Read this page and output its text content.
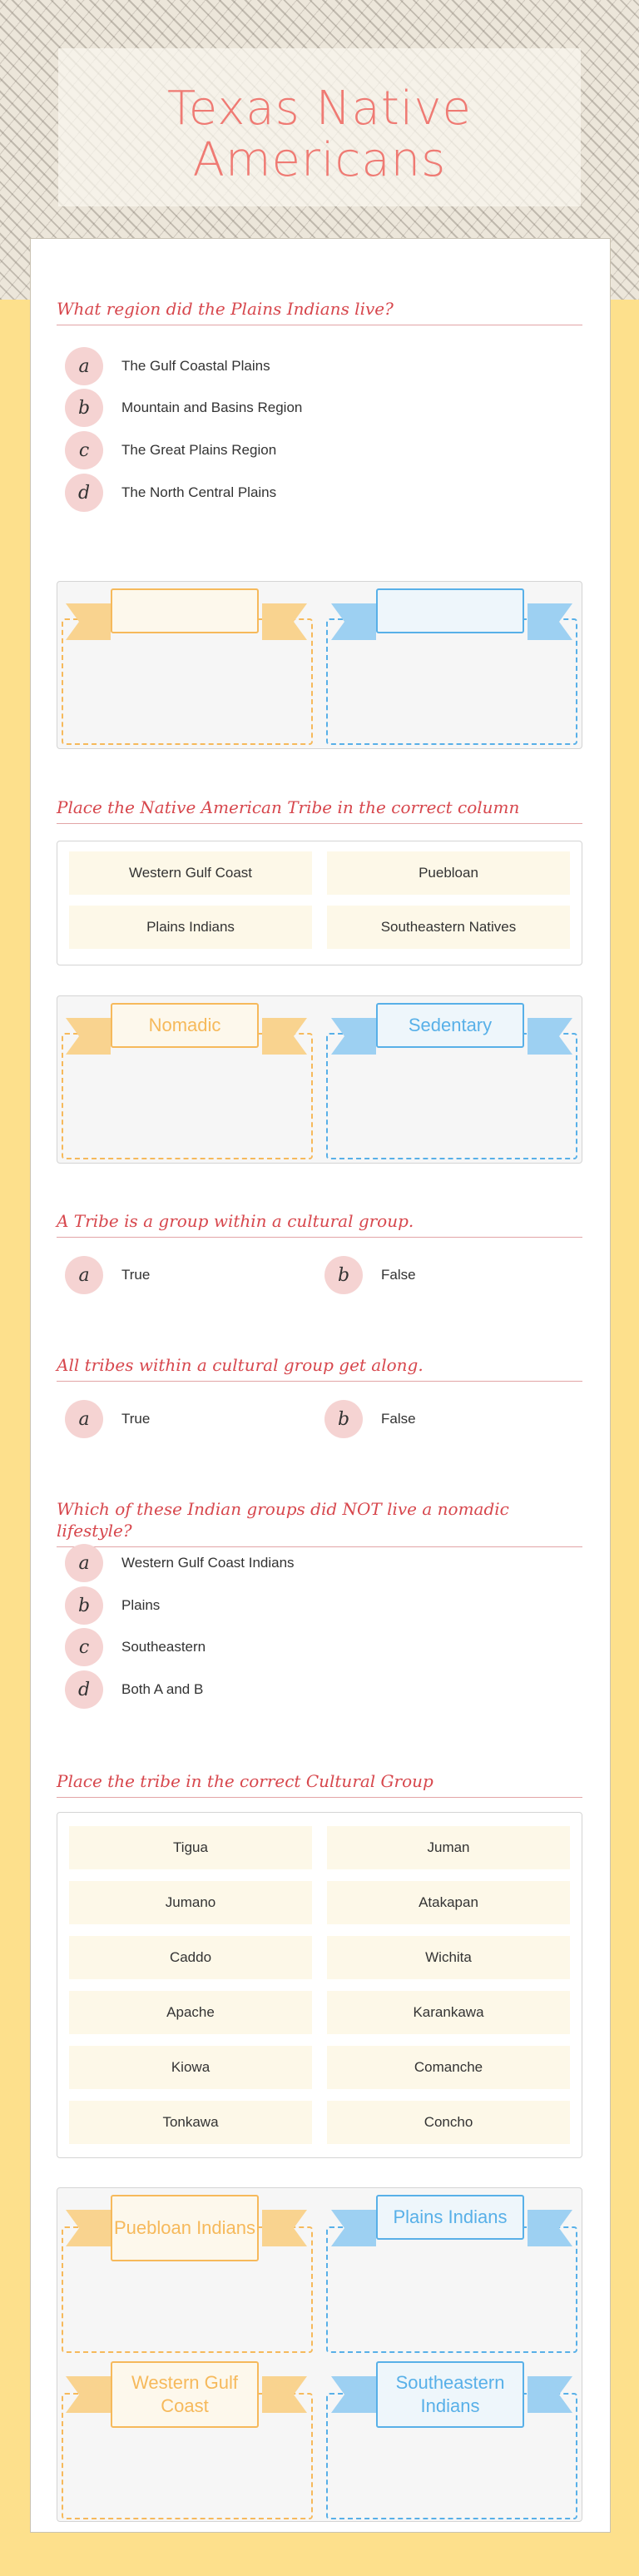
Texas Native Americans

What region did the Plains Indians live?

a	The Gulf Coastal Plains
b	Mountain and Basins Region
c	The Great Plains Region
d	The North Central Plains

Place the Native American Tribe in the correct column

Western Gulf Coast	Puebloan
Plains Indians	Southeastern Natives
Nomadic	Sedentary

A Tribe is a group within a cultural group.

a	True	b	False

All tribes within a cultural group get along.

a	True	b	False

Which of these Indian groups did NOT live a nomadic lifestyle?

a	Western Gulf Coast Indians
b	Plains
c	Southeastern
d	Both A and B

Place the tribe in the correct Cultural Group

Tigua	Juman
Jumano	Atakapan
Caddo	Wichita
Apache	Karankawa
Kiowa	Comanche
Tonkawa	Concho
Puebloan Indians
Plains Indians
Western Gulf Coast
Southeastern Indians
